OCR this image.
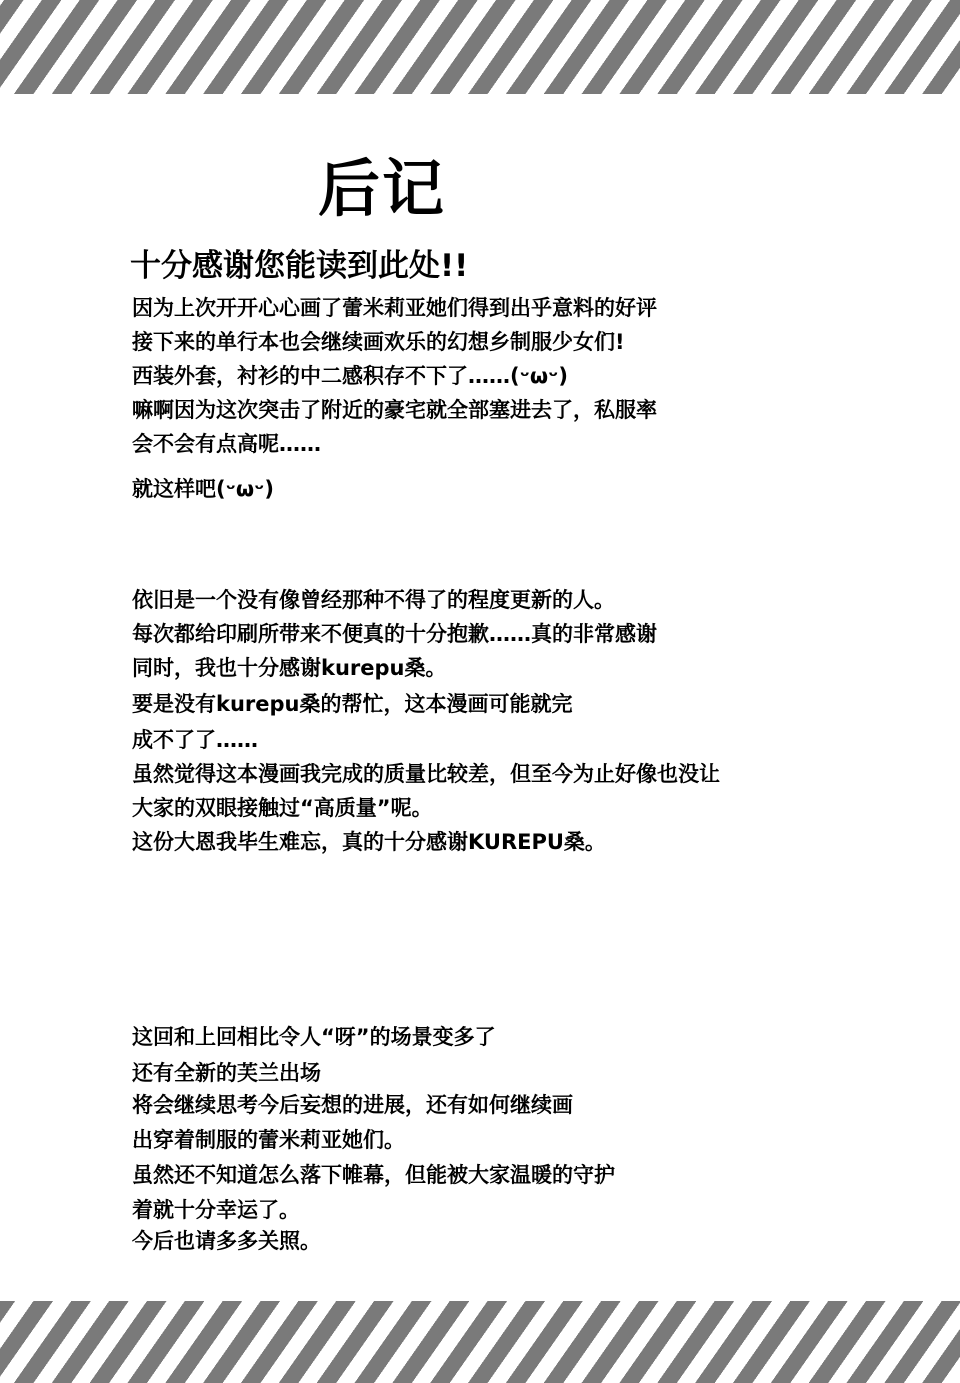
后记
十分感谢您能读到此处!!
因为上次开开心心画了蕾米莉亚她们得到出乎意料的好评
接下来的单行本也会继续画欢乐的幻想乡制服少女们!
西装外套，衬衫的中二感积存不下了‥‥‥(ᵕωᵕ)
嘛啊因为这次突击了附近的豪宅就全部塞进去了，私服率
会不会有点高呢‥‥‥
就这样吧(ᵕωᵕ)
依旧是一个没有像曾经那种不得了的程度更新的人。
每次都给印刷所带来不便真的十分抱歉‥‥‥真的非常感谢
同时，我也十分感谢kurepu桑。
要是没有kurepu桑的帮忙，这本漫画可能就完
成不了了‥‥‥
虽然觉得这本漫画我完成的质量比较差，但至今为止好像也没让
大家的双眼接触过“高质量”呢。
这份大恩我毕生难忘，真的十分感谢KUREPU桑。
这回和上回相比令人“呀”的场景变多了
还有全新的芙兰出场
将会继续思考今后妄想的进展，还有如何继续画
出穿着制服的蕾米莉亚她们。
虽然还不知道怎么落下帷幕，但能被大家温暖的守护
着就十分幸运了。
今后也请多多关照。
